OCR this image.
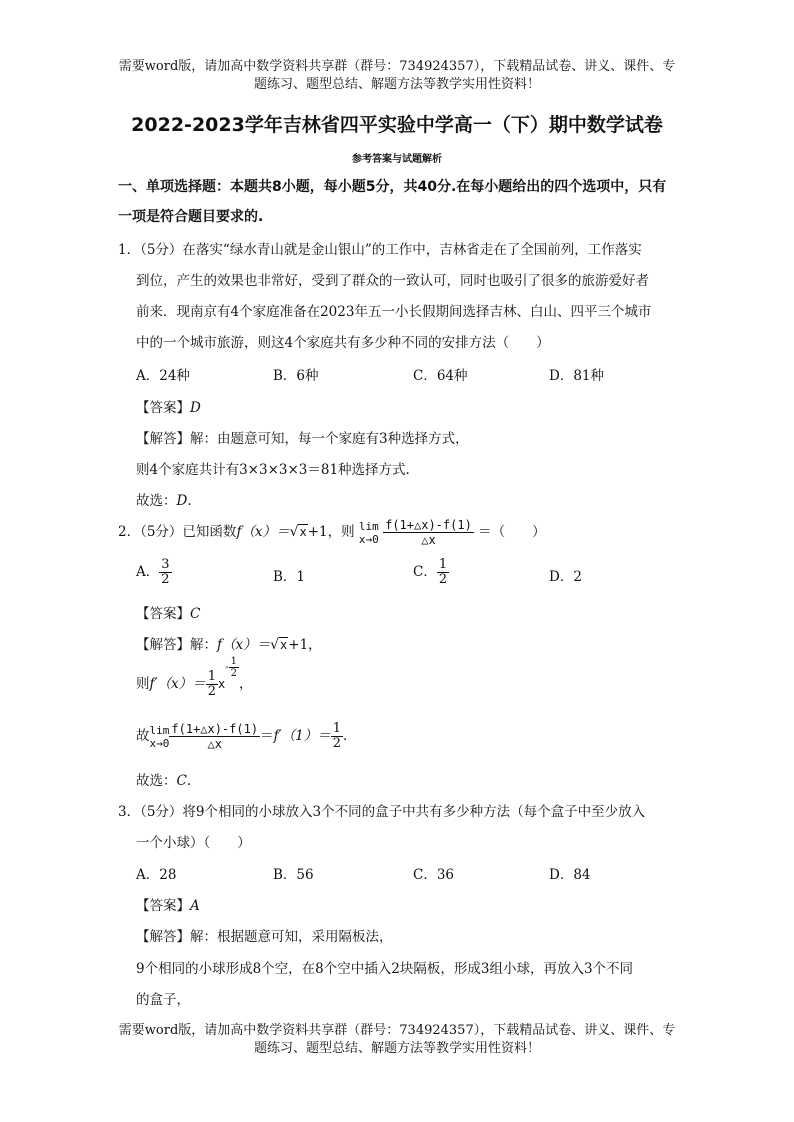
需要word版，请加高中数学资料共享群（群号：734924357），下载精品试卷、讲义、课件、专
题练习、题型总结、解题方法等教学实用性资料！
2022-2023学年吉林省四平实验中学高一（下）期中数学试卷
参考答案与试题解析
一、单项选择题：本题共8小题，每小题5分，共40分.在每小题给出的四个选项中，只有
一项是符合题目要求的.
1．（5分）在落实“绿水青山就是金山银山”的工作中，吉林省走在了全国前列，工作落实
到位，产生的效果也非常好，受到了群众的一致认可，同时也吸引了很多的旅游爱好者
前来．现南京有4个家庭准备在2023年五一小长假期间选择吉林、白山、四平三个城市
中的一个城市旅游，则这4个家庭共有多少种不同的安排方法（　　）
A．24种	B．6种	C．64种	D．81种
【答案】D
【解答】解：由题意可知，每一个家庭有3种选择方式，
则4个家庭共计有3×3×3×3＝81种选择方式.
故选：D.
2．（5分）已知函数f（x）＝√x+1，则 lim
x→0
$\frac{f(1+\triangle x)-f(1)}{\triangle x}$ ＝（　　）
A． $\frac{3}{2}$	B．1	C． $\frac{1}{2}$	D．2
【答案】C
【解答】解：f（x）＝√x+1，
则$f'(x)= \frac{1}{2} x- \frac{1}{2}$
，
故 lim
$x\to 0 \frac{f(1+\triangle x)-f(1)}{\triangle x} =f'(1)= \frac{1}{2}$ .
故选：C.
3．（5分）将9个相同的小球放入3个不同的盒子中共有多少种方法（每个盒子中至少放入
一个小球）（　　）
A．28	B．56	C．36	D．84
【答案】A
【解答】解：根据题意可知，采用隔板法，
9个相同的小球形成8个空，在8个空中插入2块隔板，形成3组小球，再放入3个不同
的盒子，
需要word版，请加高中数学资料共享群（群号：734924357），下载精品试卷、讲义、课件、专
题练习、题型总结、解题方法等教学实用性资料！
